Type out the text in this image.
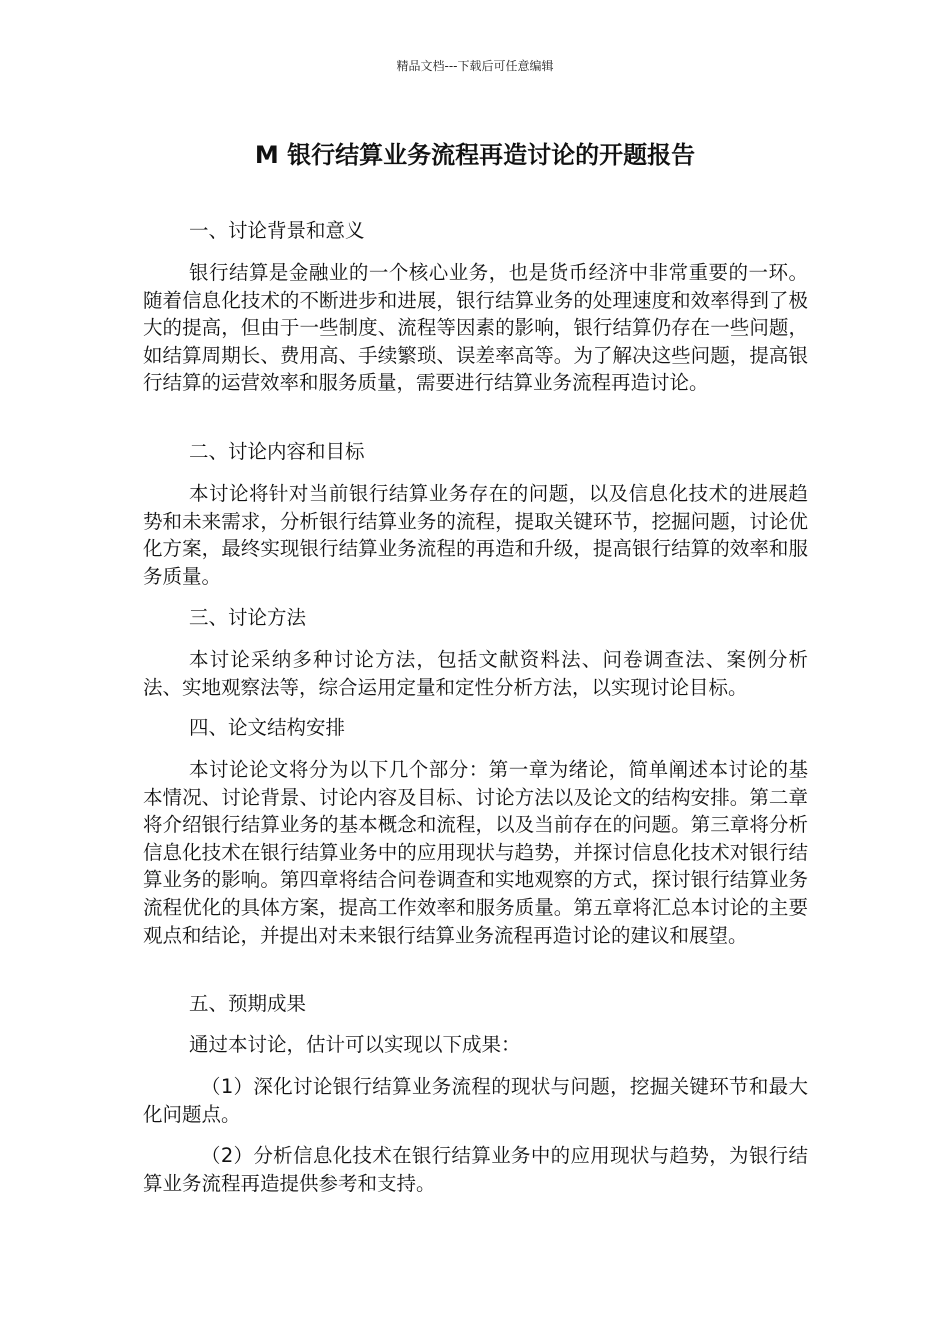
精品文档---下载后可任意编辑
M 银行结算业务流程再造讨论的开题报告

一、讨论背景和意义

银行结算是金融业的一个核心业务，也是货币经济中非常重要的一环。随着信息化技术的不断进步和进展，银行结算业务的处理速度和效率得到了极大的提高，但由于一些制度、流程等因素的影响，银行结算仍存在一些问题，如结算周期长、费用高、手续繁琐、误差率高等。为了解决这些问题，提高银行结算的运营效率和服务质量，需要进行结算业务流程再造讨论。

二、讨论内容和目标

本讨论将针对当前银行结算业务存在的问题，以及信息化技术的进展趋势和未来需求，分析银行结算业务的流程，提取关键环节，挖掘问题，讨论优化方案，最终实现银行结算业务流程的再造和升级，提高银行结算的效率和服务质量。

三、讨论方法

本讨论采纳多种讨论方法，包括文献资料法、问卷调查法、案例分析法、实地观察法等，综合运用定量和定性分析方法，以实现讨论目标。

四、论文结构安排

本讨论论文将分为以下几个部分：第一章为绪论，简单阐述本讨论的基本情况、讨论背景、讨论内容及目标、讨论方法以及论文的结构安排。第二章将介绍银行结算业务的基本概念和流程，以及当前存在的问题。第三章将分析信息化技术在银行结算业务中的应用现状与趋势，并探讨信息化技术对银行结算业务的影响。第四章将结合问卷调查和实地观察的方式，探讨银行结算业务流程优化的具体方案，提高工作效率和服务质量。第五章将汇总本讨论的主要观点和结论，并提出对未来银行结算业务流程再造讨论的建议和展望。

五、预期成果

通过本讨论，估计可以实现以下成果：

（1）深化讨论银行结算业务流程的现状与问题，挖掘关键环节和最大化问题点。

（2）分析信息化技术在银行结算业务中的应用现状与趋势，为银行结算业务流程再造提供参考和支持。
